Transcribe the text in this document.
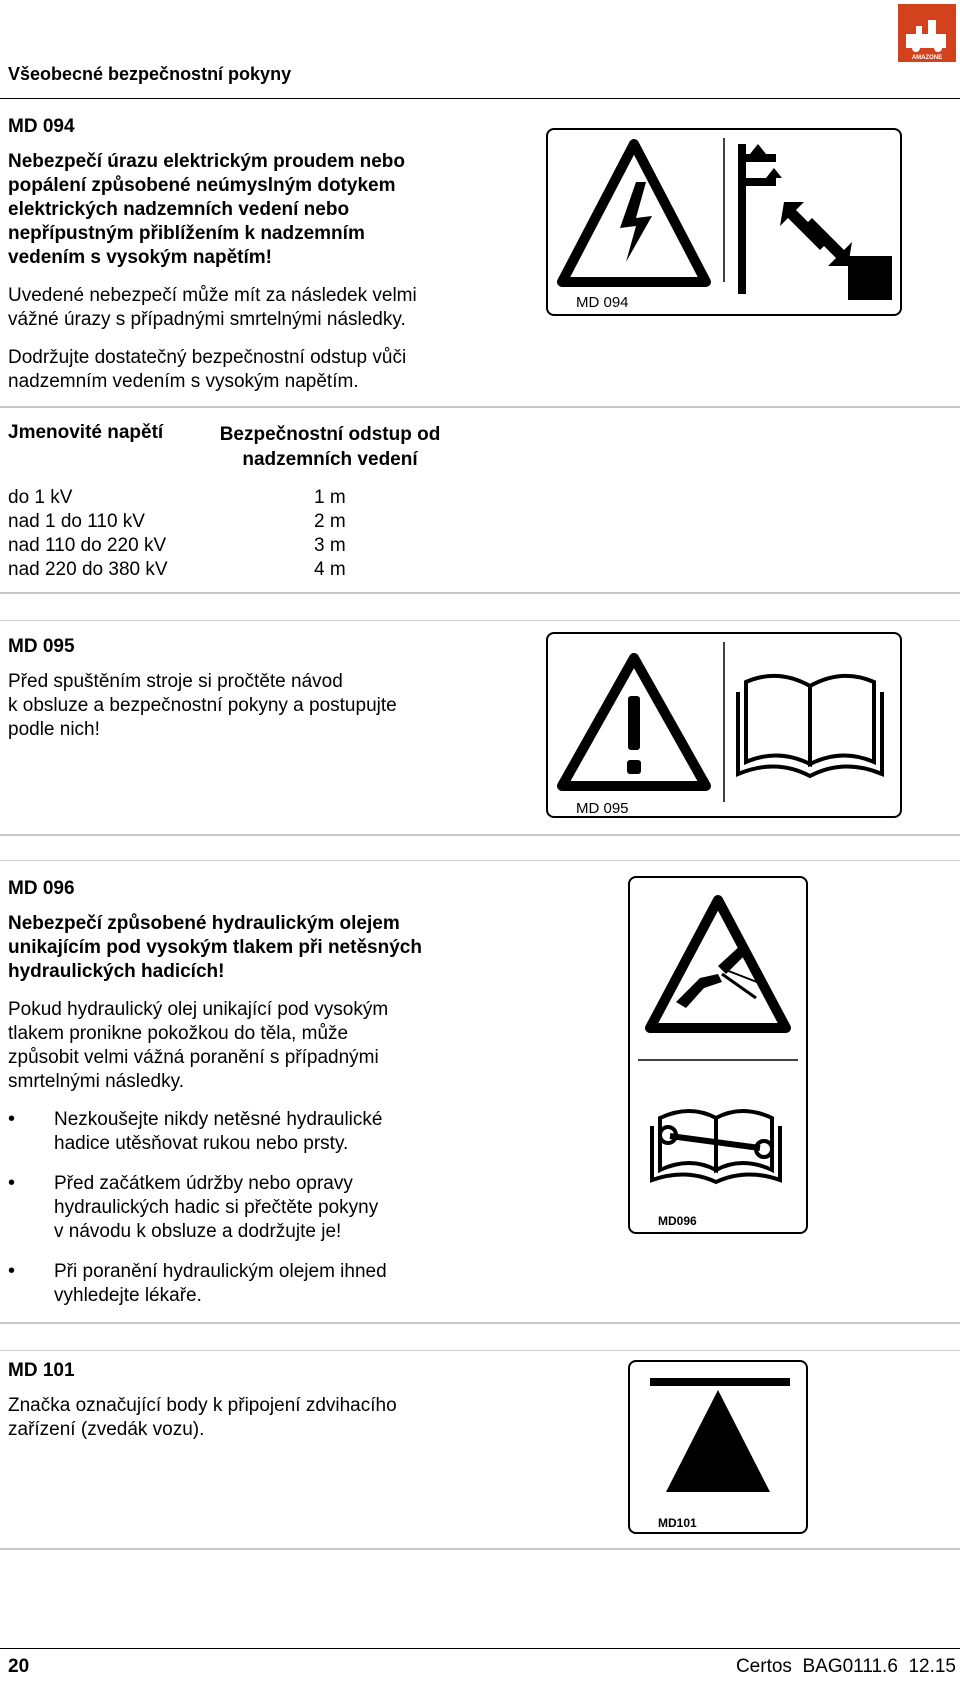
AMAZONE
Všeobecné bezpečnostní pokyny
MD 094
Nebezpečí úrazu elektrickým proudem nebo
popálení způsobené neúmyslným dotykem
elektrických nadzemních vedení nebo
nepřípustným přiblížením k nadzemním
vedením s vysokým napětím!
Uvedené nebezpečí může mít za následek velmi
vážné úrazy s případnými smrtelnými následky.
Dodržujte dostatečný bezpečnostní odstup vůči
nadzemním vedením s vysokým napětím.
MD 094
Jmenovité napětí	Bezpečnostní odstup od
nadzemních vedení
do 1 kV
nad 1 do 110 kV
nad 110 do 220 kV
nad 220 do 380 kV
1 m
2 m
3 m
4 m
MD 095
Před spuštěním stroje si pročtěte návod
k obsluze a bezpečnostní pokyny a postupujte
podle nich!
MD 095
MD 096
Nebezpečí způsobené hydraulickým olejem
unikajícím pod vysokým tlakem při netěsných
hydraulických hadicích!
Pokud hydraulický olej unikající pod vysokým
tlakem pronikne pokožkou do těla, může
způsobit velmi vážná poranění s případnými
smrtelnými následky.
• Nezkoušejte nikdy netěsné hydraulické
hadice utěsňovat rukou nebo prsty.
• Před začátkem údržby nebo opravy
hydraulických hadic si přečtěte pokyny
v návodu k obsluze a dodržujte je!
• Při poranění hydraulickým olejem ihned
vyhledejte lékaře.
MD096
MD 101
Značka označující body k připojení zdvihacího
zařízení (zvedák vozu).
MD101
20	Certos  BAG0111.6  12.15
